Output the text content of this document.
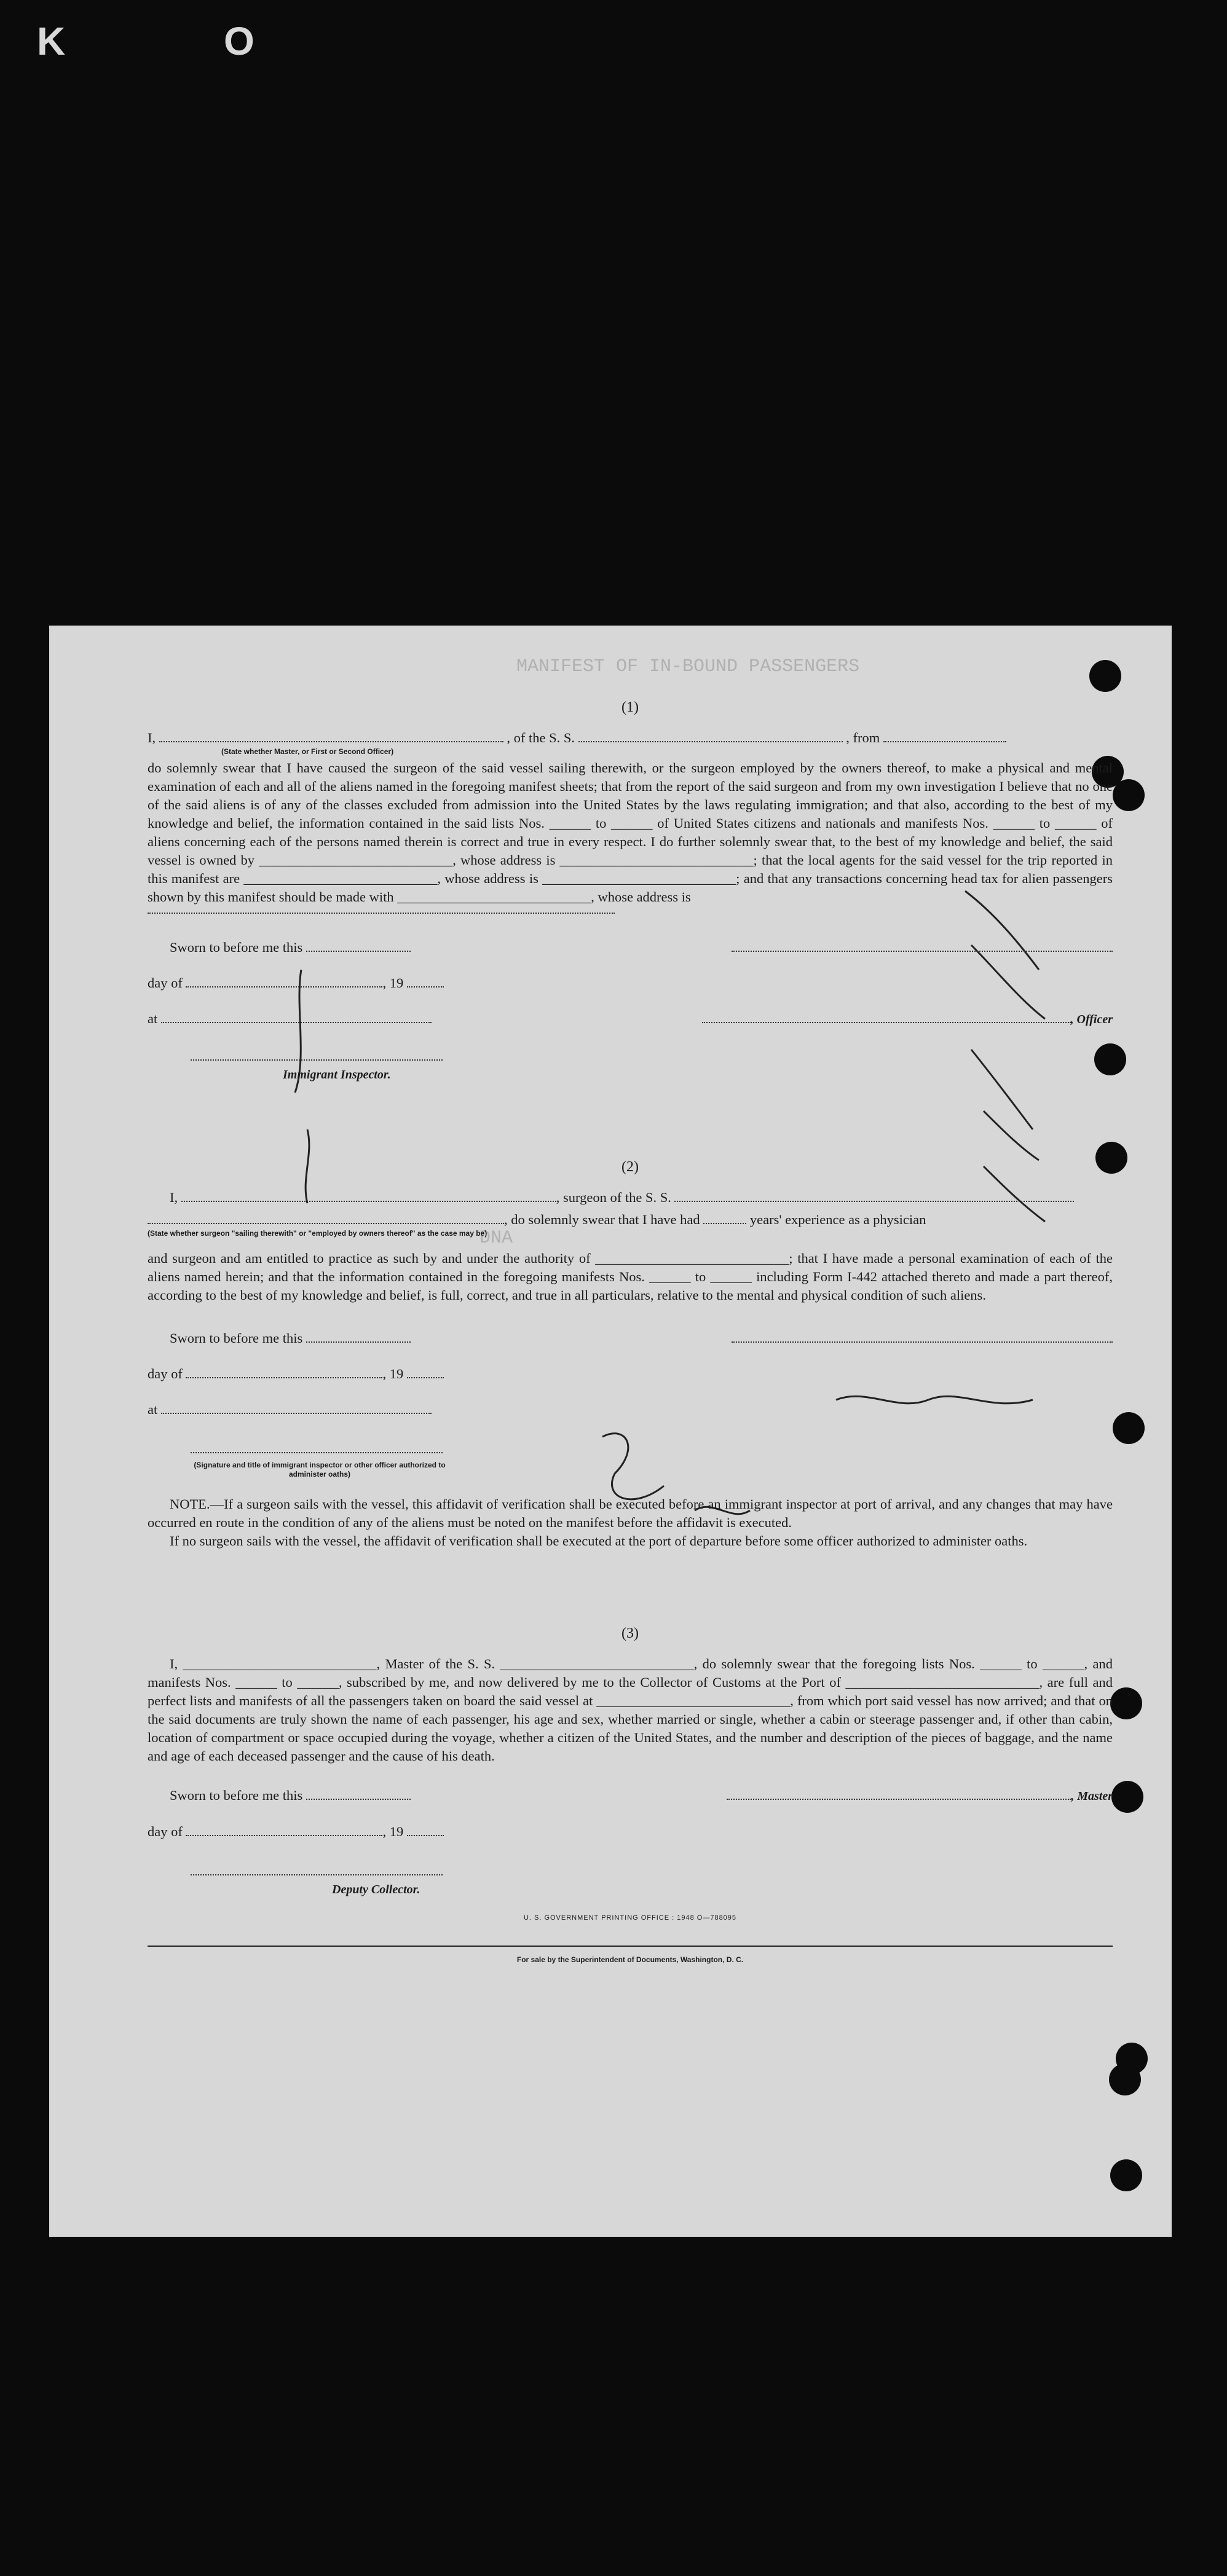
K O
MANIFEST OF IN-BOUND PASSENGERS
DNA
(1)
I,	, of the S. S.	, from
(State whether Master, or First or Second Officer)

do solemnly swear that I have caused the surgeon of the said vessel sailing therewith, or the surgeon employed by the owners thereof, to make a physical and mental examination of each and all of the aliens named in the foregoing manifest sheets; that from the report of the said surgeon and from my own investigation I believe that no one of the said aliens is of any of the classes excluded from admission into the United States by the laws regulating immigration; and that also, according to the best of my knowledge and belief, the information contained in the said lists Nos. ______ to ______ of United States citizens and nationals and manifests Nos. ______ to ______ of aliens concerning each of the persons named therein is correct and true in every respect. I do further solemnly swear that, to the best of my knowledge and belief, the said vessel is owned by ____________________________, whose address is ____________________________; that the local agents for the said vessel for the trip reported in this manifest are ____________________________, whose address is ____________________________; and that any transactions concerning head tax for alien passengers shown by this manifest should be made with ____________________________, whose address is

Sworn to before me this
day of	, 19
at	, Officer
Immigrant Inspector.
(2)
I,	, surgeon of the S. S.
, do solemnly swear that I have had	years' experience as a physician
(State whether surgeon "sailing therewith" or "employed by owners thereof" as the case may be)

and surgeon and am entitled to practice as such by and under the authority of ____________________________; that I have made a personal examination of each of the aliens named herein; and that the information contained in the foregoing manifests Nos. ______ to ______ including Form I-442 attached thereto and made a part thereof, according to the best of my knowledge and belief, is full, correct, and true in all particulars, relative to the mental and physical condition of such aliens.

Sworn to before me this
day of	, 19
at
(Signature and title of immigrant inspector or other officer authorized to administer oaths)

NOTE.—If a surgeon sails with the vessel, this affidavit of verification shall be executed before an immigrant inspector at port of arrival, and any changes that may have occurred en route in the condition of any of the aliens must be noted on the manifest before the affidavit is executed.

If no surgeon sails with the vessel, the affidavit of verification shall be executed at the port of departure before some officer authorized to administer oaths.

(3)

I, ____________________________, Master of the S. S. ____________________________, do solemnly swear that the foregoing lists Nos. ______ to ______, and manifests Nos. ______ to ______, subscribed by me, and now delivered by me to the Collector of Customs at the Port of ____________________________, are full and perfect lists and manifests of all the passengers taken on board the said vessel at ____________________________, from which port said vessel has now arrived; and that on the said documents are truly shown the name of each passenger, his age and sex, whether married or single, whether a cabin or steerage passenger and, if other than cabin, location of compartment or space occupied during the voyage, whether a citizen of the United States, and the number and description of the pieces of baggage, and the name and age of each deceased passenger and the cause of his death.

Sworn to before me this	, Master
day of	, 19
Deputy Collector.
U. S. GOVERNMENT PRINTING OFFICE : 1948 O—788095
For sale by the Superintendent of Documents, Washington, D. C.
